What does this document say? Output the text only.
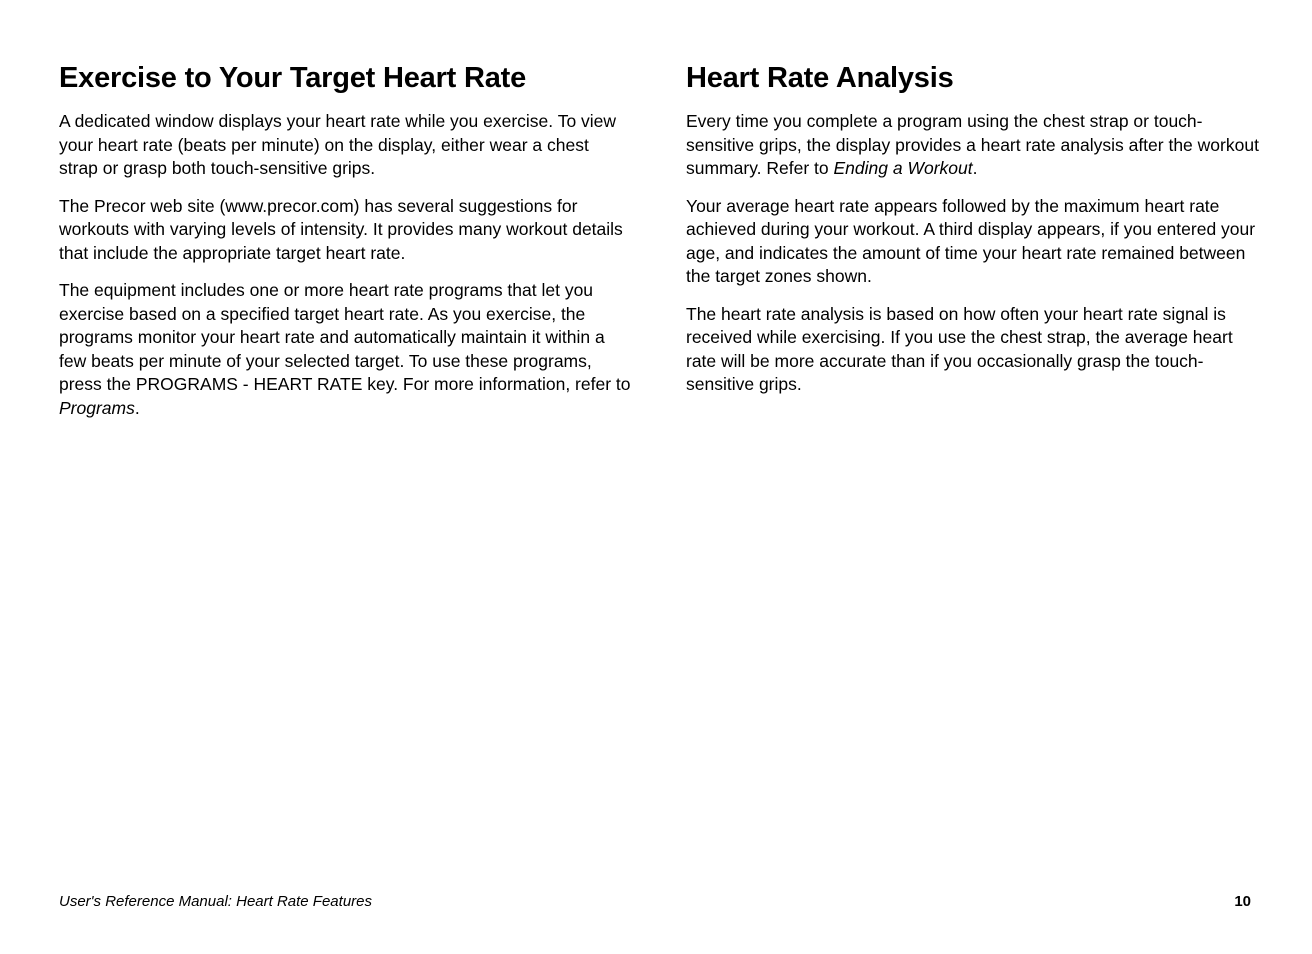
Exercise to Your Target Heart Rate

A dedicated window displays your heart rate while you exercise. To view your heart rate (beats per minute) on the display, either wear a chest strap or grasp both touch-sensitive grips.

The Precor web site (www.precor.com) has several suggestions for workouts with varying levels of intensity. It provides many workout details that include the appropriate target heart rate.

The equipment includes one or more heart rate programs that let you exercise based on a specified target heart rate. As you exercise, the programs monitor your heart rate and automatically maintain it within a few beats per minute of your selected target. To use these programs, press the PROGRAMS - HEART RATE key. For more information, refer to Programs.

Heart Rate Analysis

Every time you complete a program using the chest strap or touch-sensitive grips, the display provides a heart rate analysis after the workout summary. Refer to Ending a Workout.

Your average heart rate appears followed by the maximum heart rate achieved during your workout. A third display appears, if you entered your age, and indicates the amount of time your heart rate remained between the target zones shown.

The heart rate analysis is based on how often your heart rate signal is received while exercising. If you use the chest strap, the average heart rate will be more accurate than if you occasionally grasp the touch-sensitive grips.

User's Reference Manual: Heart Rate Features	10
